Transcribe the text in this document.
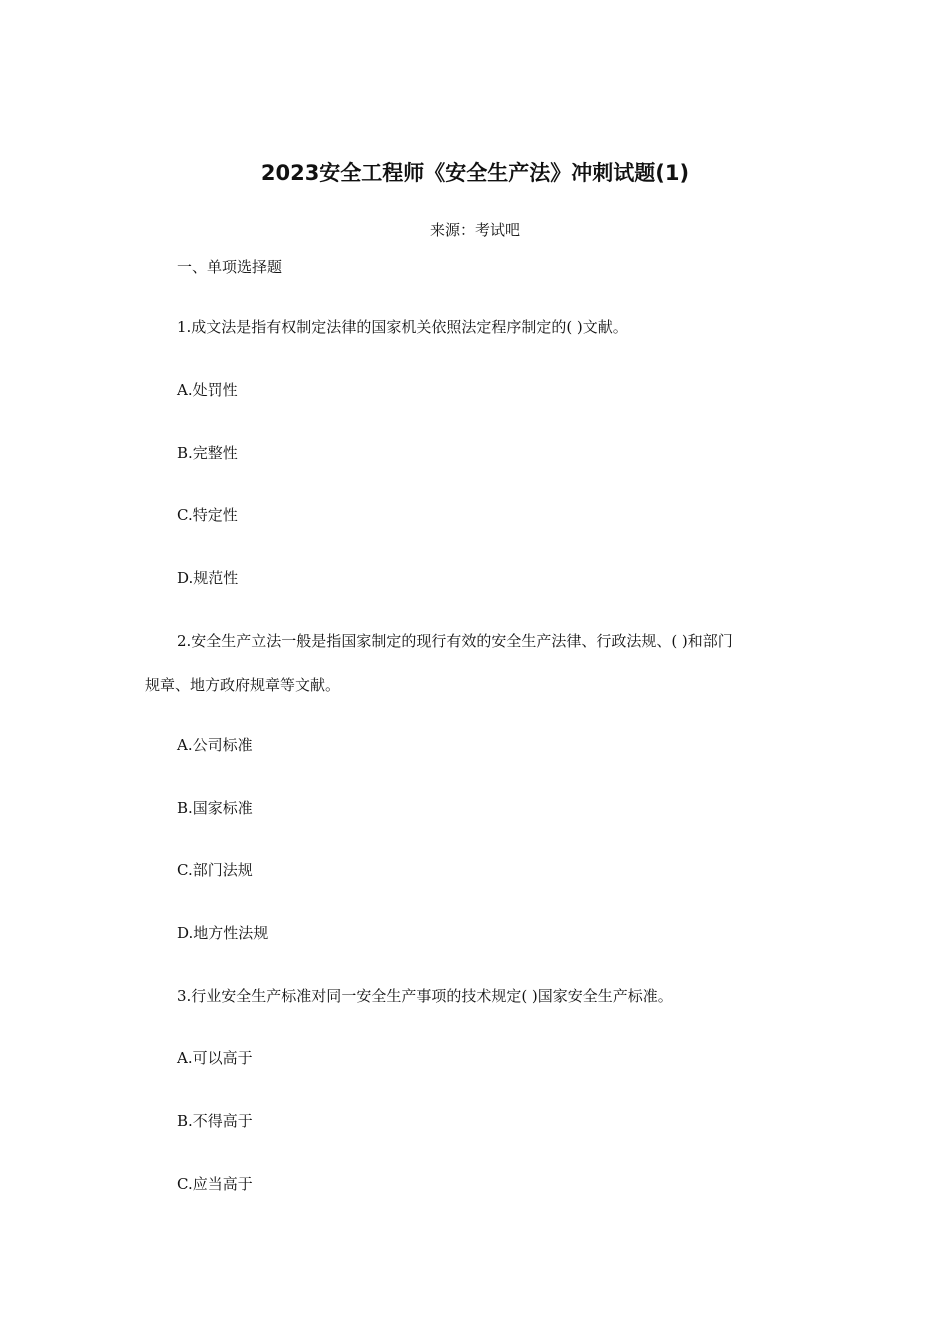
2023安全工程师《安全生产法》冲刺试题(1)
来源：考试吧
一、单项选择题
1.成文法是指有权制定法律的国家机关依照法定程序制定的( )文献。
A.处罚性
B.完整性
C.特定性
D.规范性
2.安全生产立法一般是指国家制定的现行有效的安全生产法律、行政法规、( )和部门
规章、地方政府规章等文献。
A.公司标准
B.国家标准
C.部门法规
D.地方性法规
3.行业安全生产标准对同一安全生产事项的技术规定( )国家安全生产标准。
A.可以高于
B.不得高于
C.应当高于
